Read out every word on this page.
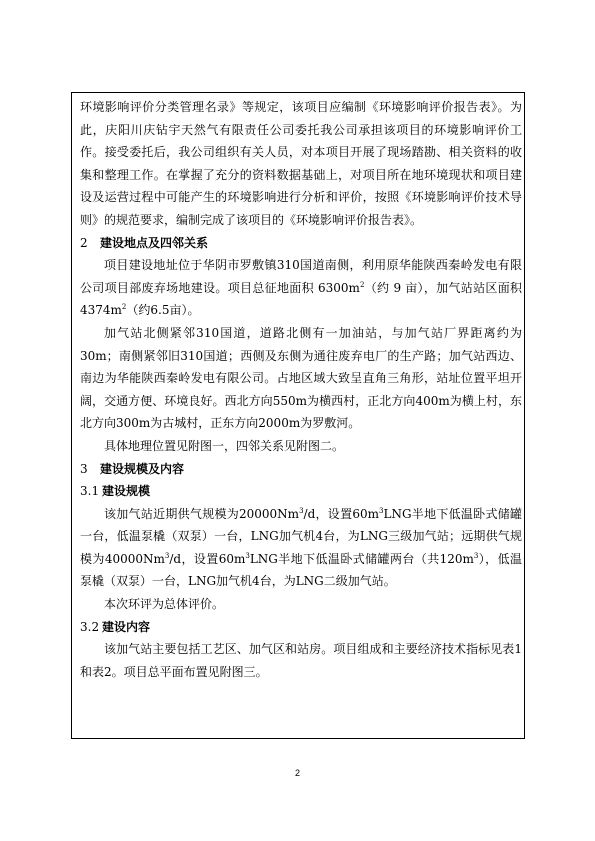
环境影响评价分类管理名录》等规定，该项目应编制《环境影响评价报告表》。为此，庆阳川庆钻宇天然气有限责任公司委托我公司承担该项目的环境影响评价工作。接受委托后，我公司组织有关人员，对本项目开展了现场踏勘、相关资料的收集和整理工作。在掌握了充分的资料数据基础上，对项目所在地环境现状和项目建设及运营过程中可能产生的环境影响进行分析和评价，按照《环境影响评价技术导则》的规范要求，编制完成了该项目的《环境影响评价报告表》。

2 建设地点及四邻关系

项目建设地址位于华阴市罗敷镇310国道南侧，利用原华能陕西秦岭发电有限公司项目部废弃场地建设。项目总征地面积 $6300m^2$（约 9 亩），加气站站区面积$4374m^2$（约6.5亩）。

加气站北侧紧邻310国道，道路北侧有一加油站，与加气站厂界距离约为30m；南侧紧邻旧310国道；西侧及东侧为通往废弃电厂的生产路；加气站西边、南边为华能陕西秦岭发电有限公司。占地区域大致呈直角三角形，站址位置平坦开阔，交通方便、环境良好。西北方向550m为横西村，正北方向400m为横上村，东北方向300m为古城村，正东方向2000m为罗敷河。

具体地理位置见附图一，四邻关系见附图二。

3 建设规模及内容

3.1 建设规模

该加气站近期供气规模为20000Nm$^3$/d，设置$60m^3LNG$半地下低温卧式储罐一台，低温泵橇（双泵）一台，LNG加气机4台，为LNG三级加气站；远期供气规模为40000Nm$^3$/d，设置$60m^3LNG$半地下低温卧式储罐两台（共$120m^3$），低温泵橇（双泵）一台，LNG加气机4台，为LNG二级加气站。

本次环评为总体评价。

3.2 建设内容

该加气站主要包括工艺区、加气区和站房。项目组成和主要经济技术指标见表1和表2。项目总平面布置见附图三。

2
